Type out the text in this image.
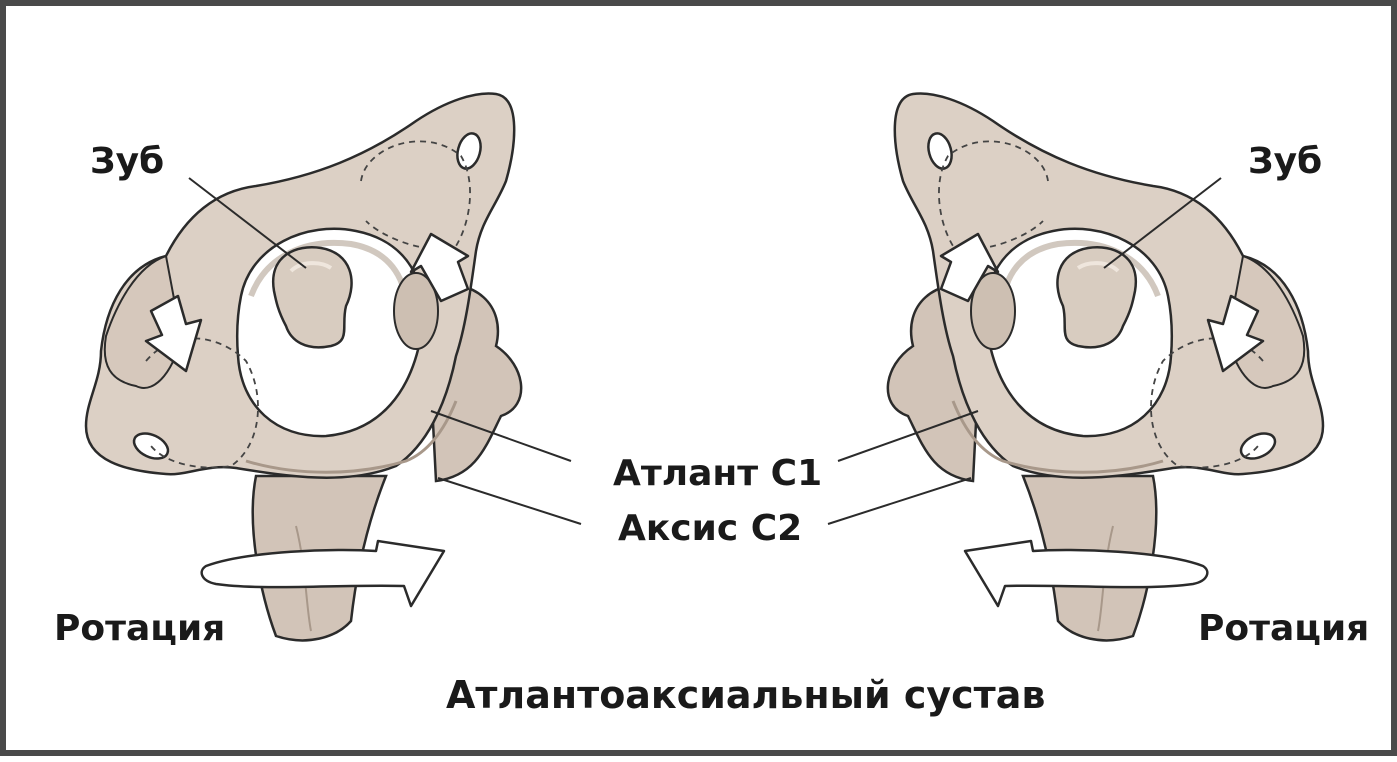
Зуб	Зуб
Атлант C1
Аксис C2
Ротация	Ротация
Атлантоаксиальный сустав
